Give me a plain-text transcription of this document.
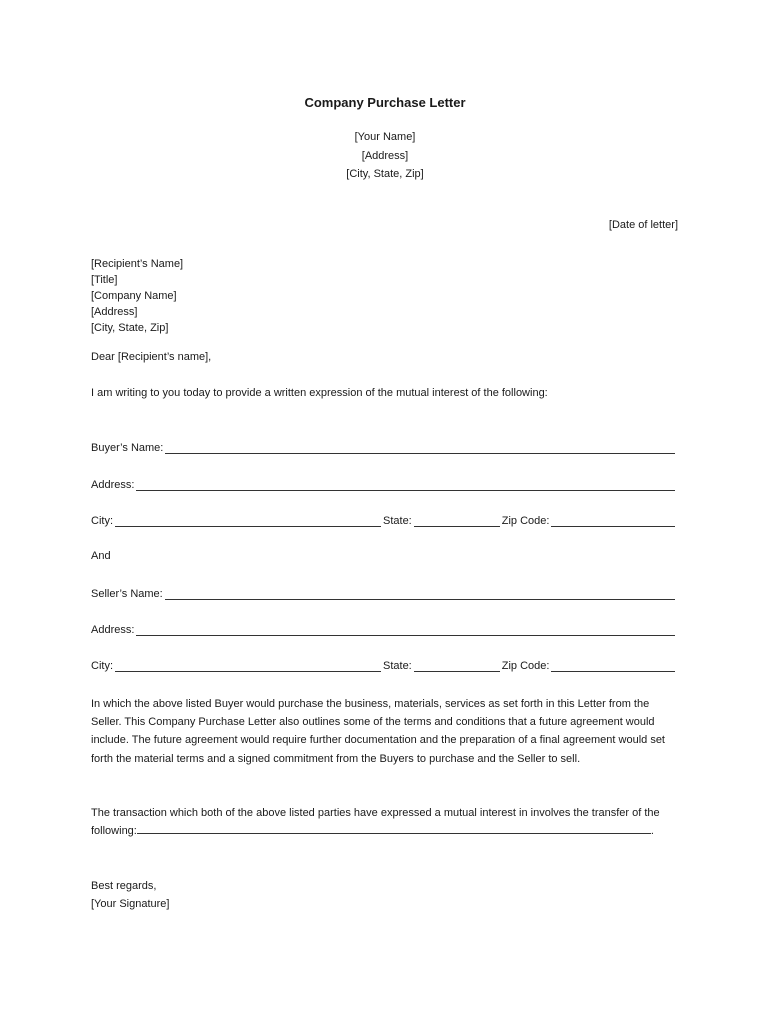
Company Purchase Letter
[Your Name]
[Address]
[City, State, Zip]
[Date of letter]
[Recipient’s Name]
[Title]
[Company Name]
[Address]
[City, State, Zip]
Dear [Recipient’s name],
I am writing to you today to provide a written expression of the mutual interest of the following:
Buyer’s Name:
Address:
City:	State:	Zip Code:
And
Seller’s Name:
Address:
City:	State:	Zip Code:
In which the above listed Buyer would purchase the business, materials, services as set forth in this Letter from the Seller. This Company Purchase Letter also outlines some of the terms and conditions that a future agreement would include. The future agreement would require further documentation and the preparation of a final agreement would set forth the material terms and a signed commitment from the Buyers to purchase and the Seller to sell.
The transaction which both of the above listed parties have expressed a mutual interest in involves the transfer of the following:	.
Best regards,
[Your Signature]
